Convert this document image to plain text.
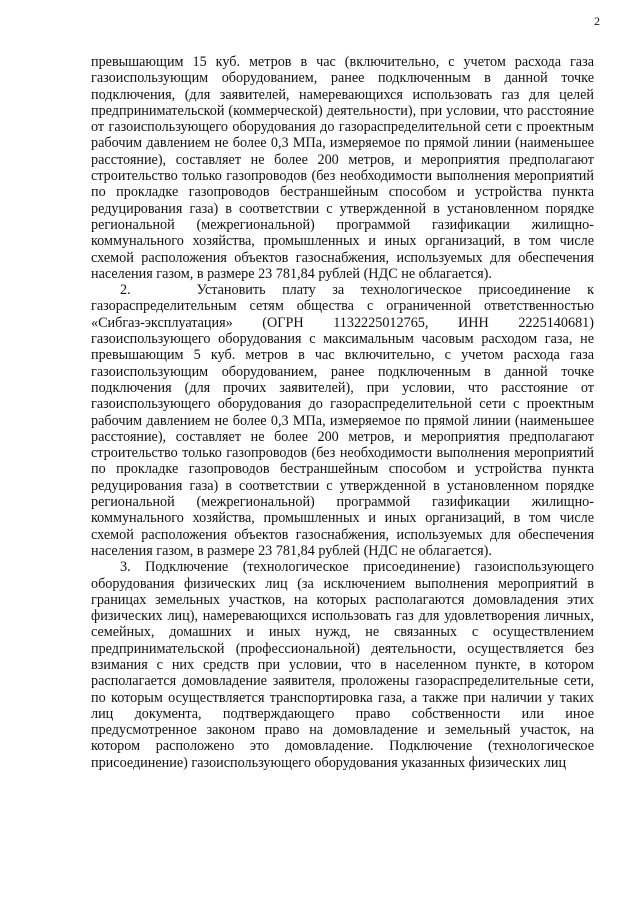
2

превышающим 15 куб. метров в час (включительно, с учетом расхода газа газоиспользующим оборудованием, ранее подключенным в данной точке подключения, (для заявителей, намеревающихся использовать газ для целей предпринимательской (коммерческой) деятельности), при условии, что расстояние от газоиспользующего оборудования до газораспределительной сети с проектным рабочим давлением не более 0,3 МПа, измеряемое по прямой линии (наименьшее расстояние), составляет не более 200 метров, и мероприятия предполагают строительство только газопроводов (без необходимости выполнения мероприятий по прокладке газопроводов бестраншейным способом и устройства пункта редуцирования газа) в соответствии с утвержденной в установленном порядке региональной (межрегиональной) программой газификации жилищно-коммунального хозяйства, промышленных и иных организаций, в том числе схемой расположения объектов газоснабжения, используемых для обеспечения населения газом, в размере 23 781,84 рублей (НДС не облагается).

2.    Установить плату за технологическое присоединение к газораспределительным сетям общества с ограниченной ответственностью «Сибгаз-эксплуатация» (ОГРН 1132225012765, ИНН 2225140681) газоиспользующего оборудования с максимальным часовым расходом газа, не превышающим 5 куб. метров в час включительно, с учетом расхода газа газоиспользующим оборудованием, ранее подключенным в данной точке подключения (для прочих заявителей), при условии, что расстояние от газоиспользующего оборудования до газораспределительной сети с проектным рабочим давлением не более 0,3 МПа, измеряемое по прямой линии (наименьшее расстояние), составляет не более 200 метров, и мероприятия предполагают строительство только газопроводов (без необходимости выполнения мероприятий по прокладке газопроводов бестраншейным способом и устройства пункта редуцирования газа) в соответствии с утвержденной в установленном порядке региональной (межрегиональной) программой газификации жилищно-коммунального хозяйства, промышленных и иных организаций, в том числе схемой расположения объектов газоснабжения, используемых для обеспечения населения газом, в размере 23 781,84 рублей (НДС не облагается).

3. Подключение (технологическое присоединение) газоиспользующего оборудования физических лиц (за исключением выполнения мероприятий в границах земельных участков, на которых располагаются домовладения этих физических лиц), намеревающихся использовать газ для удовлетворения личных, семейных, домашних и иных нужд, не связанных с осуществлением предпринимательской (профессиональной) деятельности, осуществляется без взимания с них средств при условии, что в населенном пункте, в котором располагается домовладение заявителя, проложены газораспределительные сети, по которым осуществляется транспортировка газа, а также при наличии у таких лиц документа, подтверждающего право собственности или иное предусмотренное законом право на домовладение и земельный участок, на котором расположено это домовладение. Подключение (технологическое присоединение) газоиспользующего оборудования указанных физических лиц
